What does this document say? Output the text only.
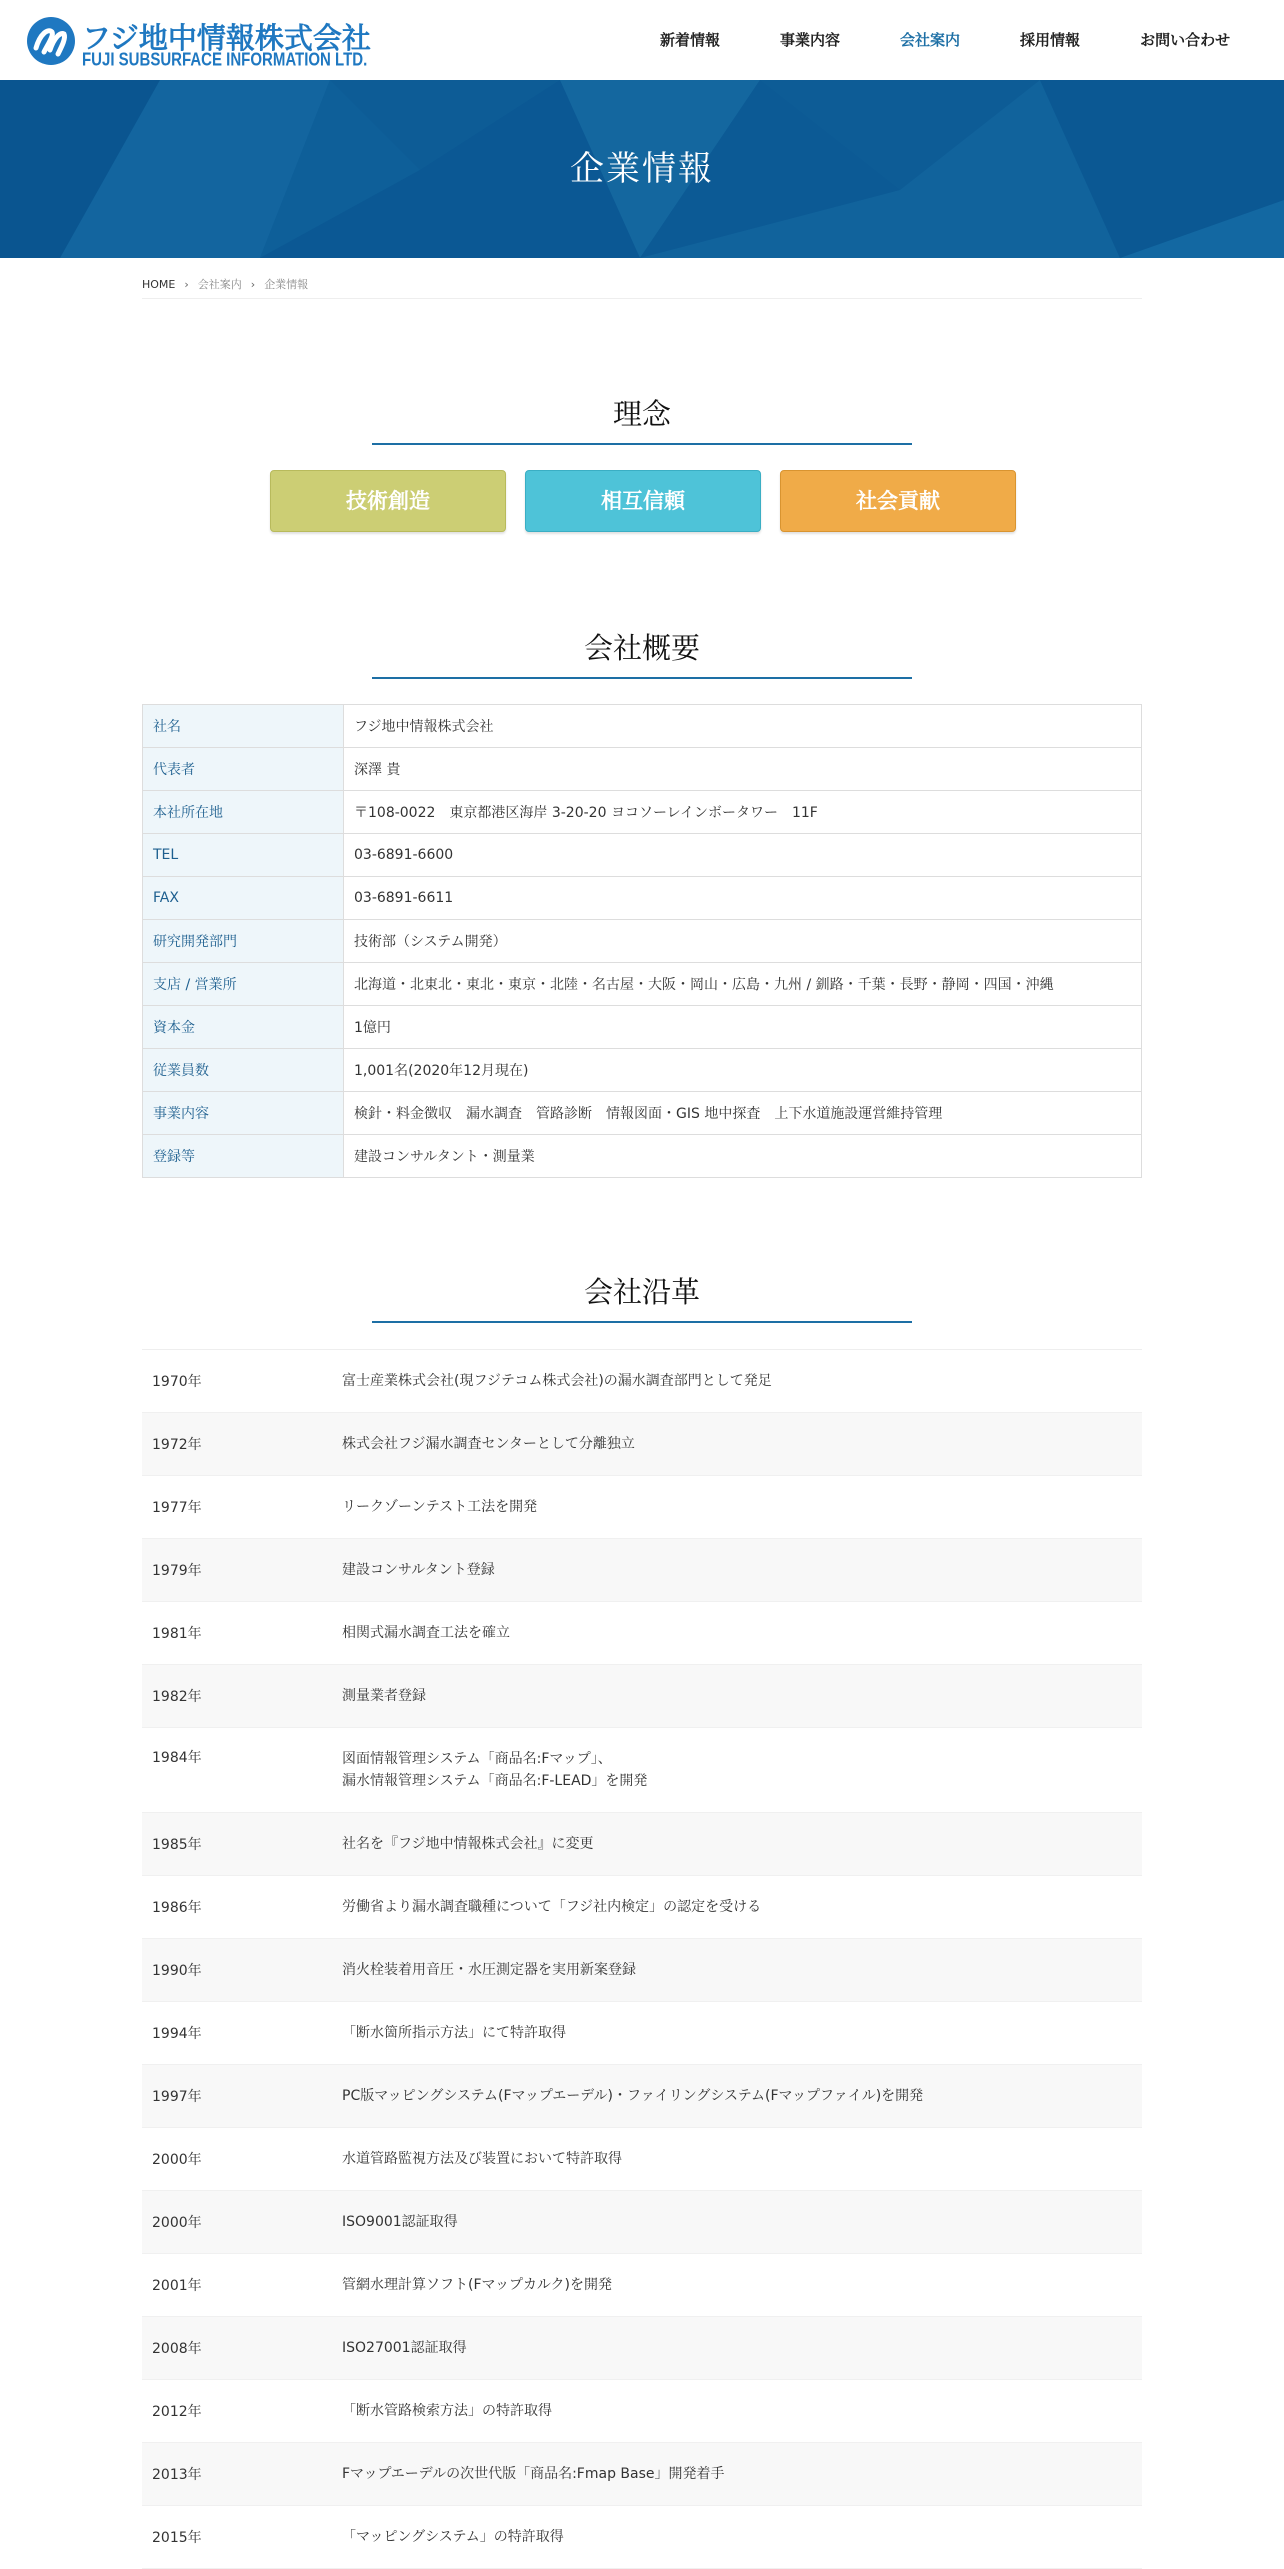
フジ地中情報株式会社
FUJI SUBSURFACE INFORMATION LTD.
新着情報	事業内容	会社案内	採用情報	お問い合わせ
企業情報
HOME › 会社案内 › 企業情報
理念
技術創造	相互信頼	社会貢献
会社概要
社名	フジ地中情報株式会社
代表者	深澤 貴
本社所在地	〒108-0022　東京都港区海岸 3-20-20 ヨコソーレインボータワー　11F
TEL	03-6891-6600
FAX	03-6891-6611
研究開発部門	技術部（システム開発）
支店 / 営業所	北海道・北東北・東北・東京・北陸・名古屋・大阪・岡山・広島・九州 / 釧路・千葉・長野・静岡・四国・沖縄
資本金	1億円
従業員数	1,001名(2020年12月現在)
事業内容	検針・料金徴収　漏水調査　管路診断　情報図面・GIS 地中探査　上下水道施設運営維持管理
登録等	建設コンサルタント・測量業
会社沿革
1970年	富士産業株式会社(現フジテコム株式会社)の漏水調査部門として発足
1972年	株式会社フジ漏水調査センターとして分離独立
1977年	リークゾーンテスト工法を開発
1979年	建設コンサルタント登録
1981年	相関式漏水調査工法を確立
1982年	測量業者登録
1984年	図面情報管理システム「商品名:Fマップ」、
漏水情報管理システム「商品名:F-LEAD」を開発
1985年	社名を『フジ地中情報株式会社』に変更
1986年	労働省より漏水調査職種について「フジ社内検定」の認定を受ける
1990年	消火栓装着用音圧・水圧測定器を実用新案登録
1994年	「断水箇所指示方法」にて特許取得
1997年	PC版マッピングシステム(Fマップエーデル)・ファイリングシステム(Fマップファイル)を開発
2000年	水道管路監視方法及び装置において特許取得
2000年	ISO9001認証取得
2001年	管網水理計算ソフト(Fマップカルク)を開発
2008年	ISO27001認証取得
2012年	「断水管路検索方法」の特許取得
2013年	Fマップエーデルの次世代版「商品名:Fmap Base」開発着手
2015年	「マッピングシステム」の特許取得
